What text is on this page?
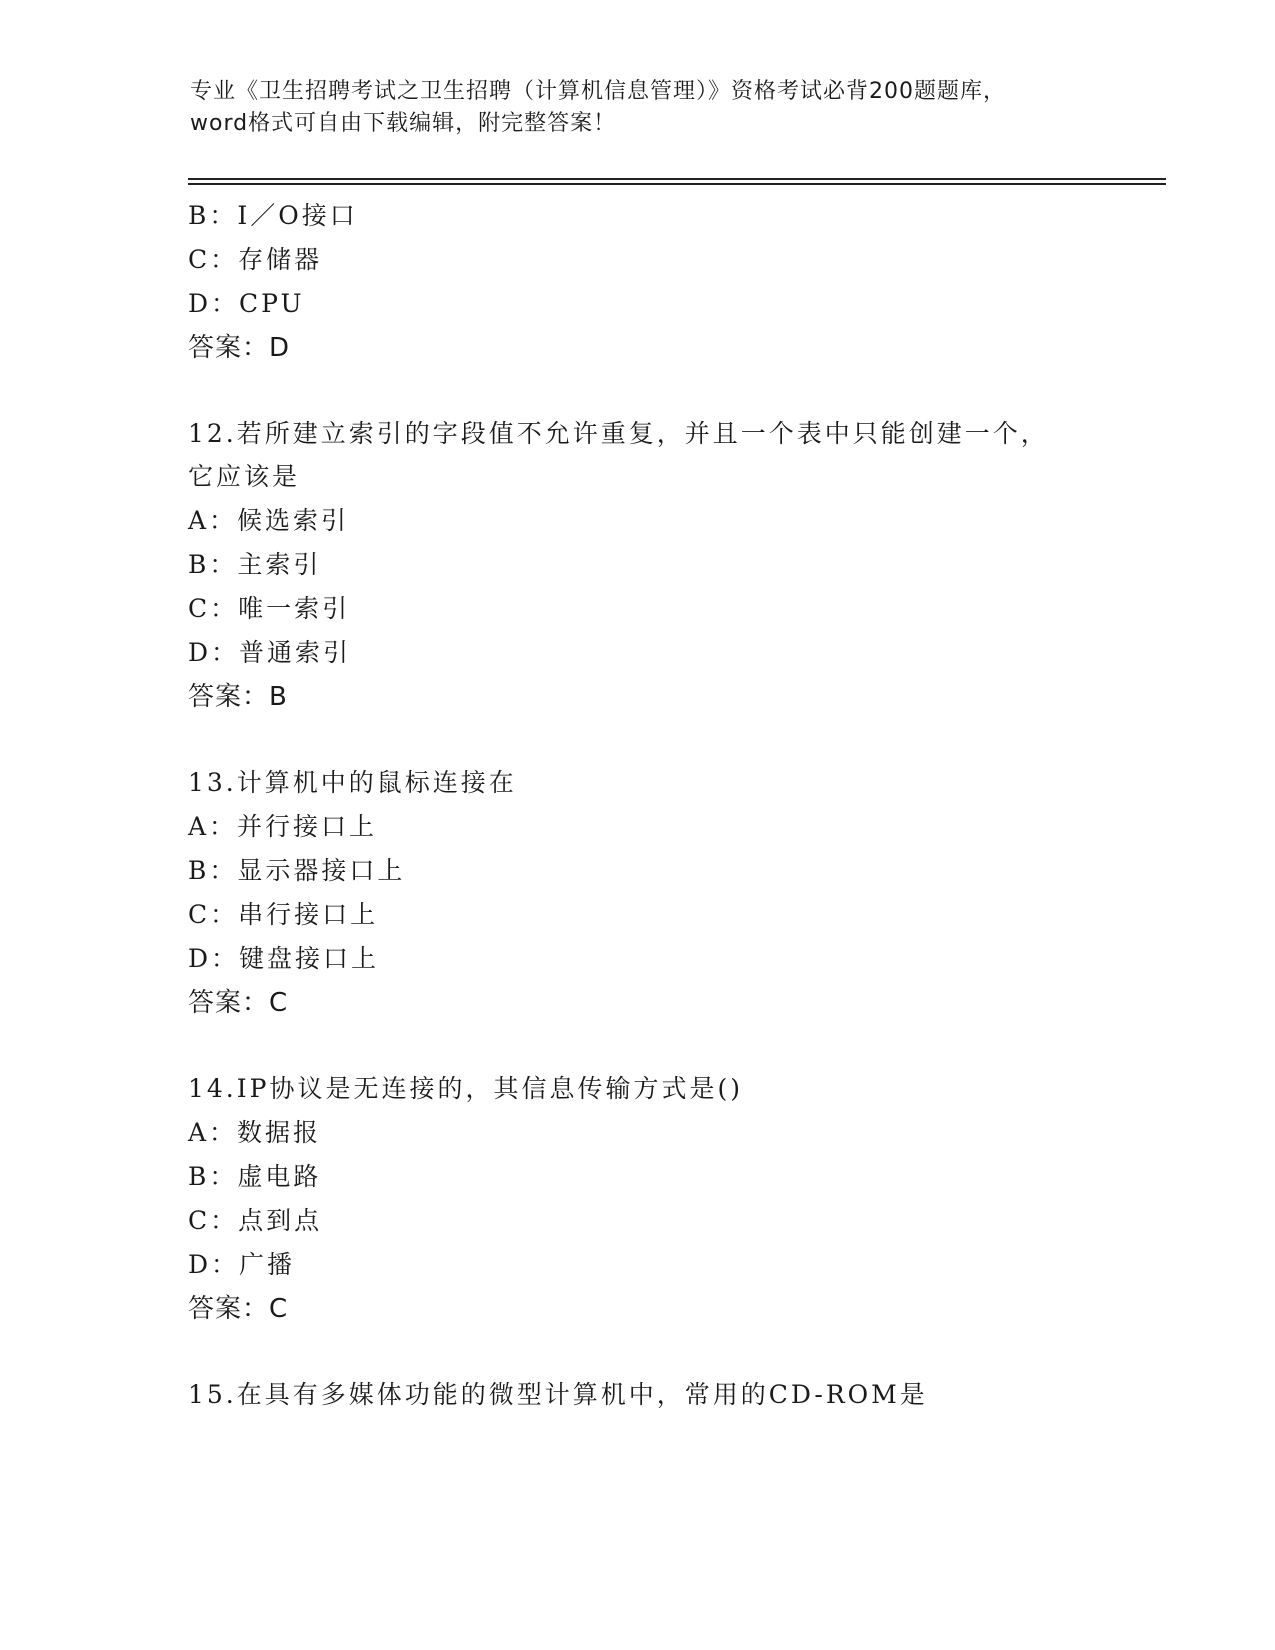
专业《卫生招聘考试之卫生招聘（计算机信息管理）》资格考试必背200题题库，
word格式可自由下载编辑，附完整答案！
B：I／O接口
C：存储器
D：CPU
答案：D
12.若所建立索引的字段值不允许重复，并且一个表中只能创建一个，
它应该是
A：候选索引
B：主索引
C：唯一索引
D：普通索引
答案：B
13.计算机中的鼠标连接在
A：并行接口上
B：显示器接口上
C：串行接口上
D：键盘接口上
答案：C
14.IP协议是无连接的，其信息传输方式是()
A：数据报
B：虚电路
C：点到点
D：广播
答案：C
15.在具有多媒体功能的微型计算机中，常用的CD-ROM是
